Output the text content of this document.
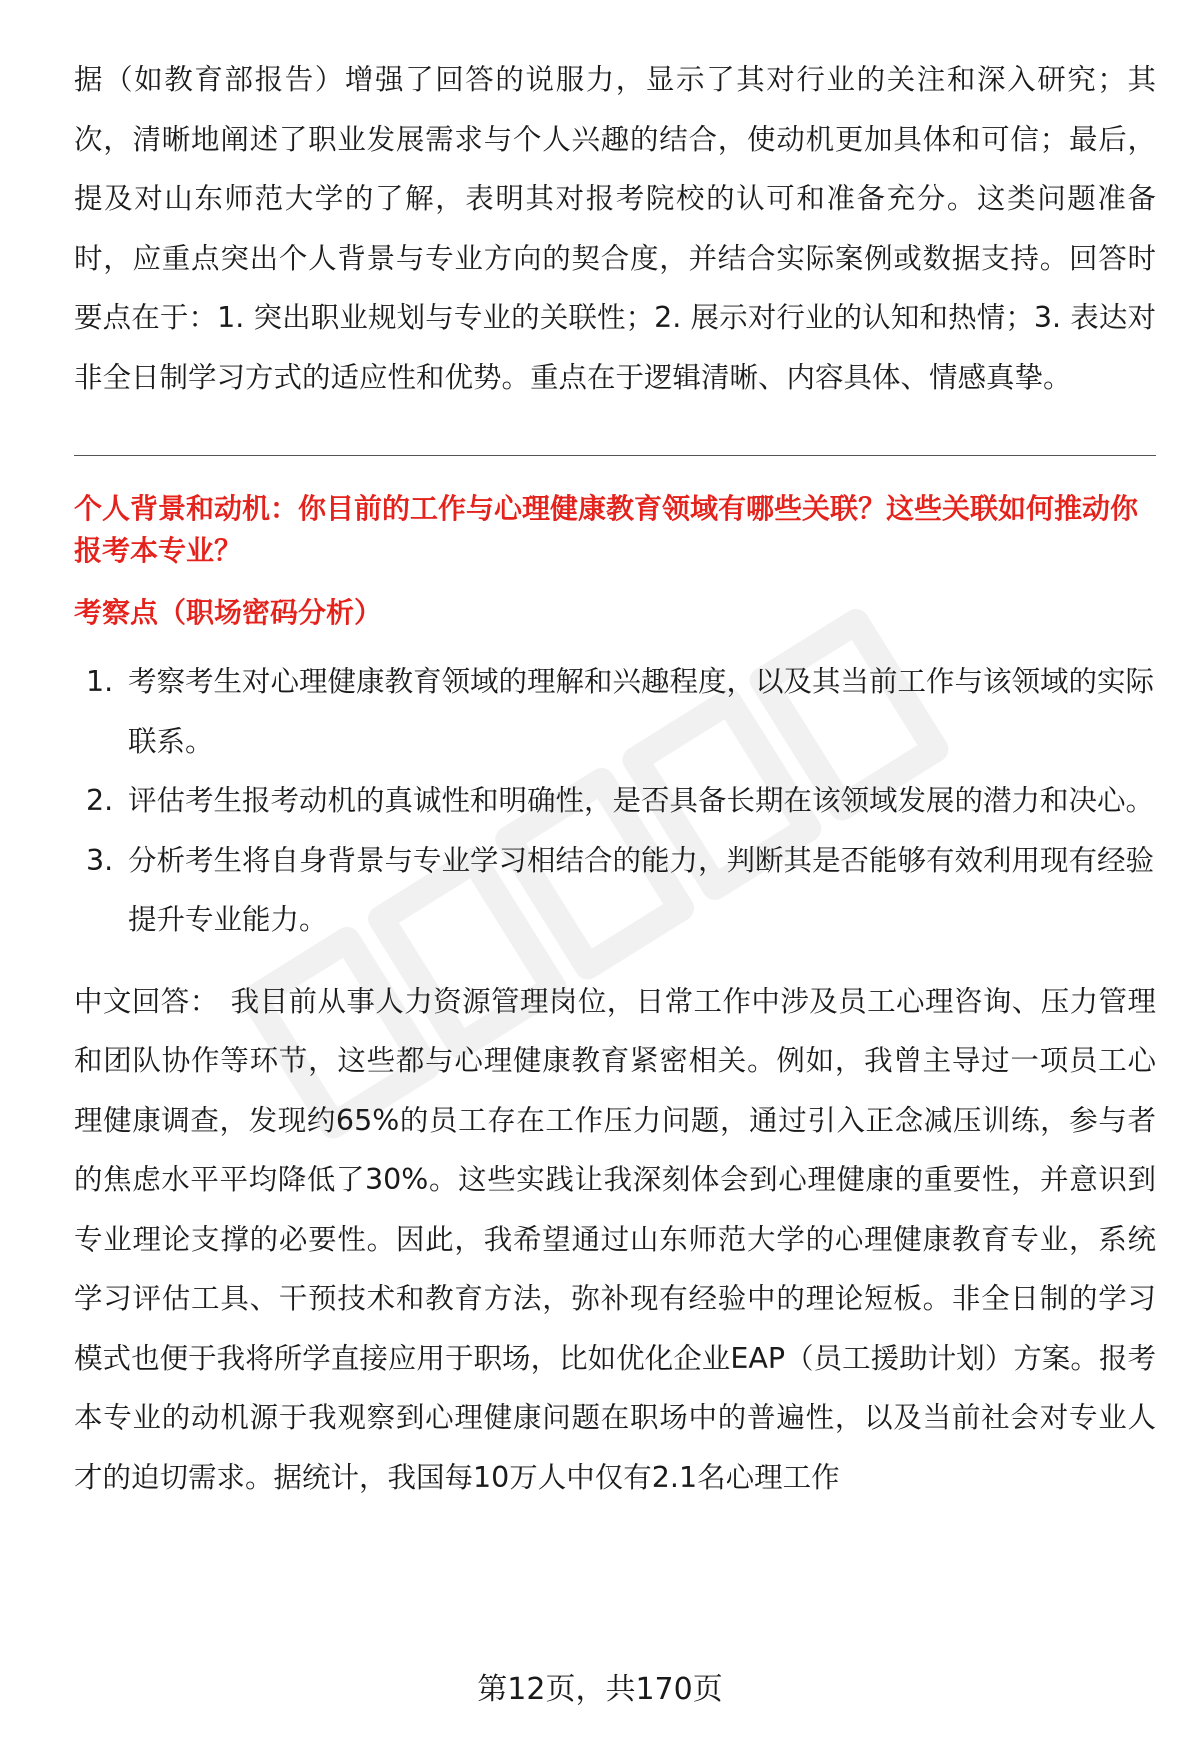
据（如教育部报告）增强了回答的说服力，显示了其对行业的关注和深入研究；其次，清晰地阐述了职业发展需求与个人兴趣的结合，使动机更加具体和可信；最后，提及对山东师范大学的了解，表明其对报考院校的认可和准备充分。这类问题准备时，应重点突出个人背景与专业方向的契合度，并结合实际案例或数据支持。回答时要点在于：1. 突出职业规划与专业的关联性；2. 展示对行业的认知和热情；3. 表达对非全日制学习方式的适应性和优势。重点在于逻辑清晰、内容具体、情感真挚。

个人背景和动机：你目前的工作与心理健康教育领域有哪些关联？这些关联如何推动你报考本专业？

考察点（职场密码分析）

1. 考察考生对心理健康教育领域的理解和兴趣程度，以及其当前工作与该领域的实际联系。
2. 评估考生报考动机的真诚性和明确性，是否具备长期在该领域发展的潜力和决心。
3. 分析考生将自身背景与专业学习相结合的能力，判断其是否能够有效利用现有经验提升专业能力。

中文回答： 我目前从事人力资源管理岗位，日常工作中涉及员工心理咨询、压力管理和团队协作等环节，这些都与心理健康教育紧密相关。例如，我曾主导过一项员工心理健康调查，发现约65%的员工存在工作压力问题，通过引入正念减压训练，参与者的焦虑水平平均降低了30%。这些实践让我深刻体会到心理健康的重要性，并意识到专业理论支撑的必要性。因此，我希望通过山东师范大学的心理健康教育专业，系统学习评估工具、干预技术和教育方法，弥补现有经验中的理论短板。非全日制的学习模式也便于我将所学直接应用于职场，比如优化企业EAP（员工援助计划）方案。报考本专业的动机源于我观察到心理健康问题在职场中的普遍性，以及当前社会对专业人才的迫切需求。据统计，我国每10万人中仅有2.1名心理工作

第12页，共170页
